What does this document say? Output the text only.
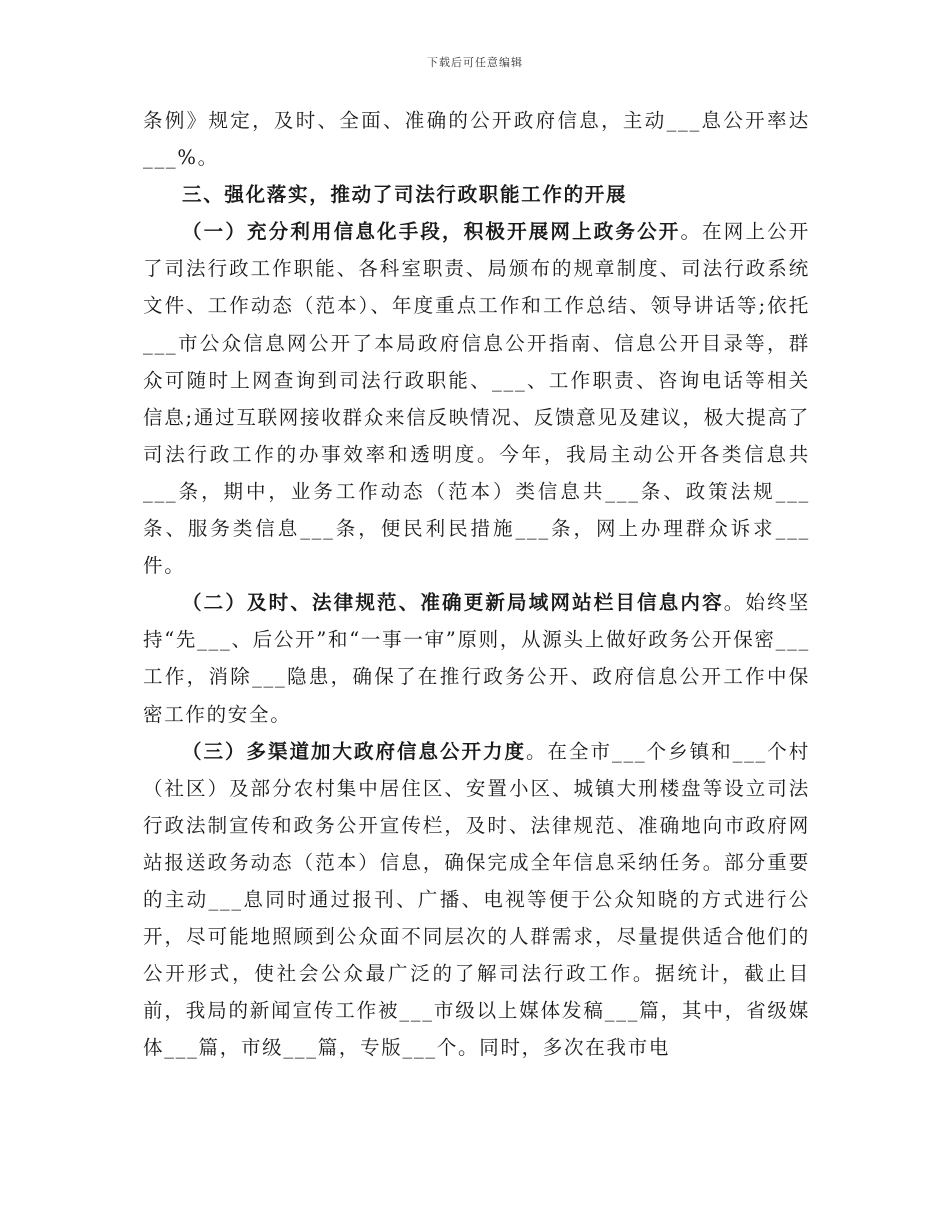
下载后可任意编辑

条例》规定，及时、全面、准确的公开政府信息，主动___息公开率达___%。

三、强化落实，推动了司法行政职能工作的开展

（一）充分利用信息化手段，积极开展网上政务公开。在网上公开了司法行政工作职能、各科室职责、局颁布的规章制度、司法行政系统文件、工作动态（范本）、年度重点工作和工作总结、领导讲话等;依托___市公众信息网公开了本局政府信息公开指南、信息公开目录等，群众可随时上网查询到司法行政职能、___、工作职责、咨询电话等相关信息;通过互联网接收群众来信反映情况、反馈意见及建议，极大提高了司法行政工作的办事效率和透明度。今年，我局主动公开各类信息共___条，期中，业务工作动态（范本）类信息共___条、政策法规___条、服务类信息___条，便民利民措施___条，网上办理群众诉求___件。

（二）及时、法律规范、准确更新局域网站栏目信息内容。始终坚持“先___、后公开”和“一事一审”原则，从源头上做好政务公开保密___工作，消除___隐患，确保了在推行政务公开、政府信息公开工作中保密工作的安全。

（三）多渠道加大政府信息公开力度。在全市___个乡镇和___个村（社区）及部分农村集中居住区、安置小区、城镇大刑楼盘等设立司法行政法制宣传和政务公开宣传栏，及时、法律规范、准确地向市政府网站报送政务动态（范本）信息，确保完成全年信息采纳任务。部分重要的主动___息同时通过报刊、广播、电视等便于公众知晓的方式进行公开，尽可能地照顾到公众面不同层次的人群需求，尽量提供适合他们的公开形式，使社会公众最广泛的了解司法行政工作。据统计，截止目前，我局的新闻宣传工作被___市级以上媒体发稿___篇，其中，省级媒体___篇，市级___篇，专版___个。同时，多次在我市电
